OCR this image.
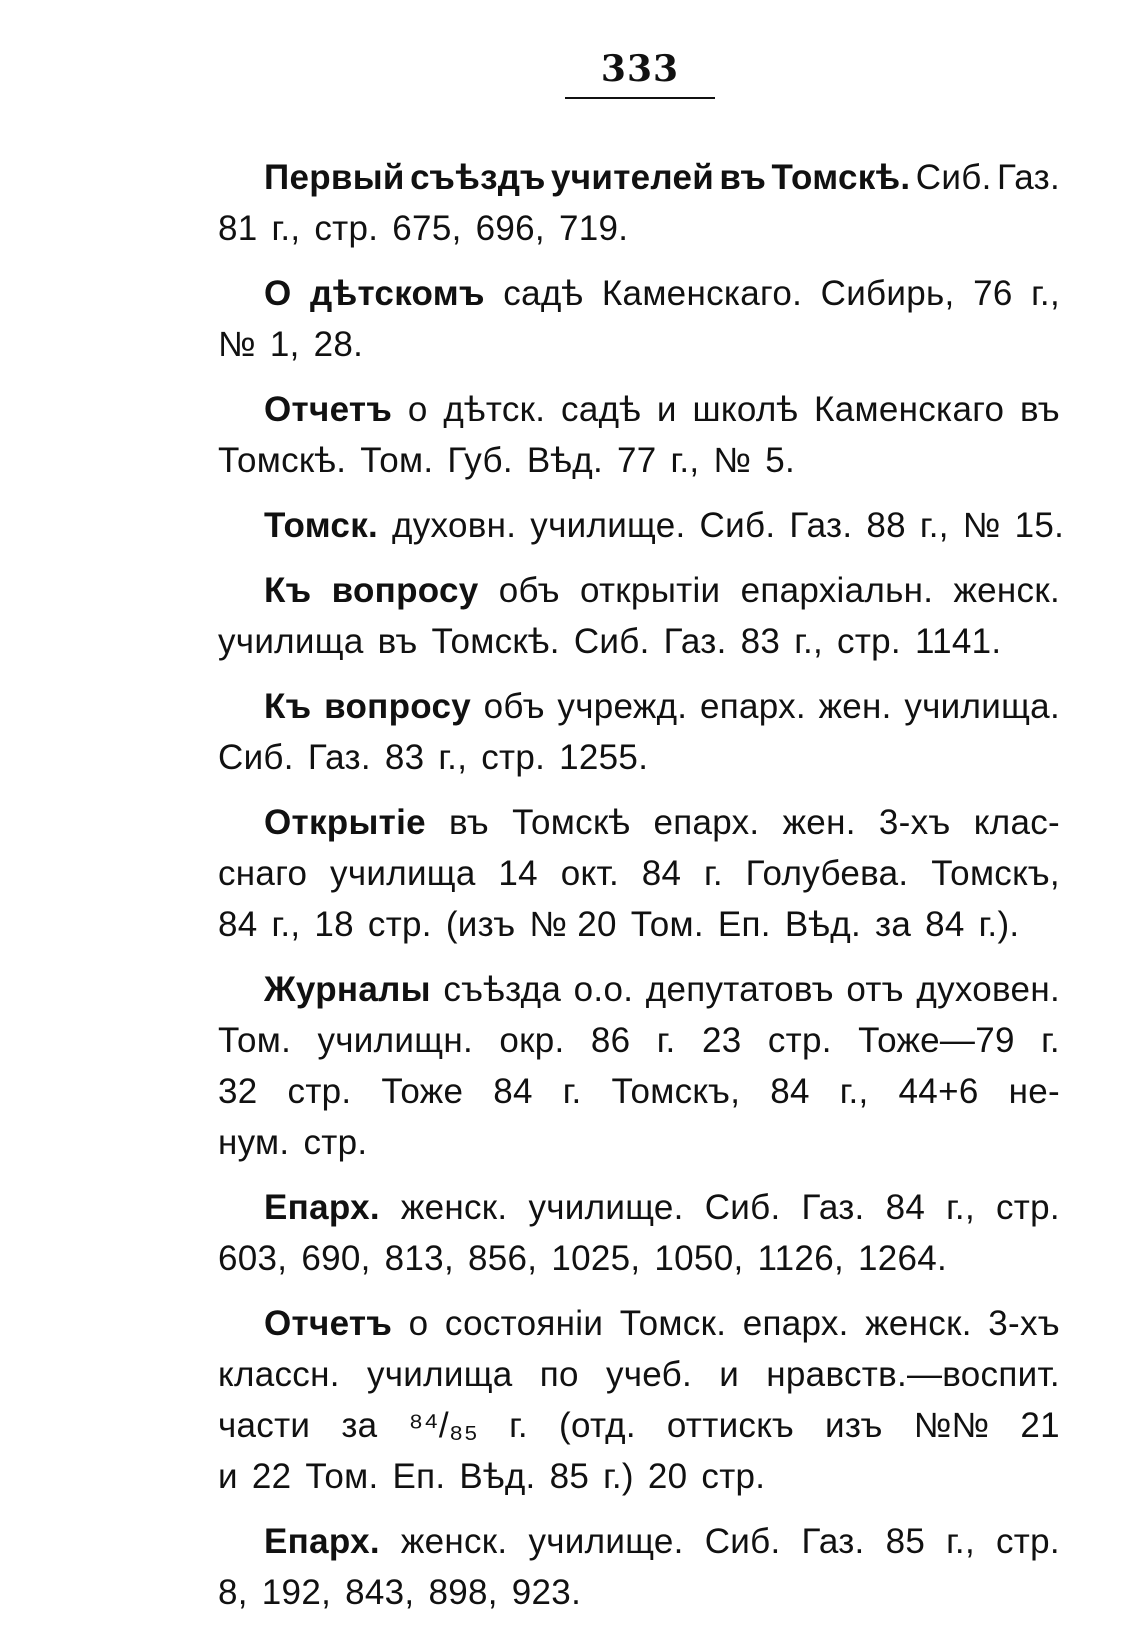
333
Первый съѣздъ учителей въ Томскѣ. Сиб. Газ.
81 г., стр. 675, 696, 719.
О дѣтскомъ садѣ Каменскаго. Сибирь, 76 г.,
№ 1, 28.
Отчетъ о дѣтск. садѣ и школѣ Каменскаго въ
Томскѣ. Том. Губ. Вѣд. 77 г., № 5.
Томск. духовн. училище. Сиб. Газ. 88 г., № 15.
Къ вопросу объ открытіи епархіальн. женск.
училища въ Томскѣ. Сиб. Газ. 83 г., стр. 1141.
Къ вопросу объ учрежд. епарх. жен. училища.
Сиб. Газ. 83 г., стр. 1255.
Открытіе въ Томскѣ епарх. жен. 3-хъ клас-
снаго училища 14 окт. 84 г. Голубева. Томскъ,
84 г., 18 стр. (изъ № 20 Том. Еп. Вѣд. за 84 г.).
Журналы съѣзда о.о. депутатовъ отъ духовен.
Том. училищн. окр. 86 г. 23 стр. Тоже—79 г.
32 стр. Тоже 84 г. Томскъ, 84 г., 44+6 не-
нум. стр.
Епарх. женск. училище. Сиб. Газ. 84 г., стр.
603, 690, 813, 856, 1025, 1050, 1126, 1264.
Отчетъ о состояніи Томск. епарх. женск. 3-хъ
классн. училища по учеб. и нравств.—воспит.
части за ⁸⁴/₈₅ г. (отд. оттискъ изъ №№ 21
и 22 Том. Еп. Вѣд. 85 г.) 20 стр.
Епарх. женск. училище. Сиб. Газ. 85 г., стр.
8, 192, 843, 898, 923.
